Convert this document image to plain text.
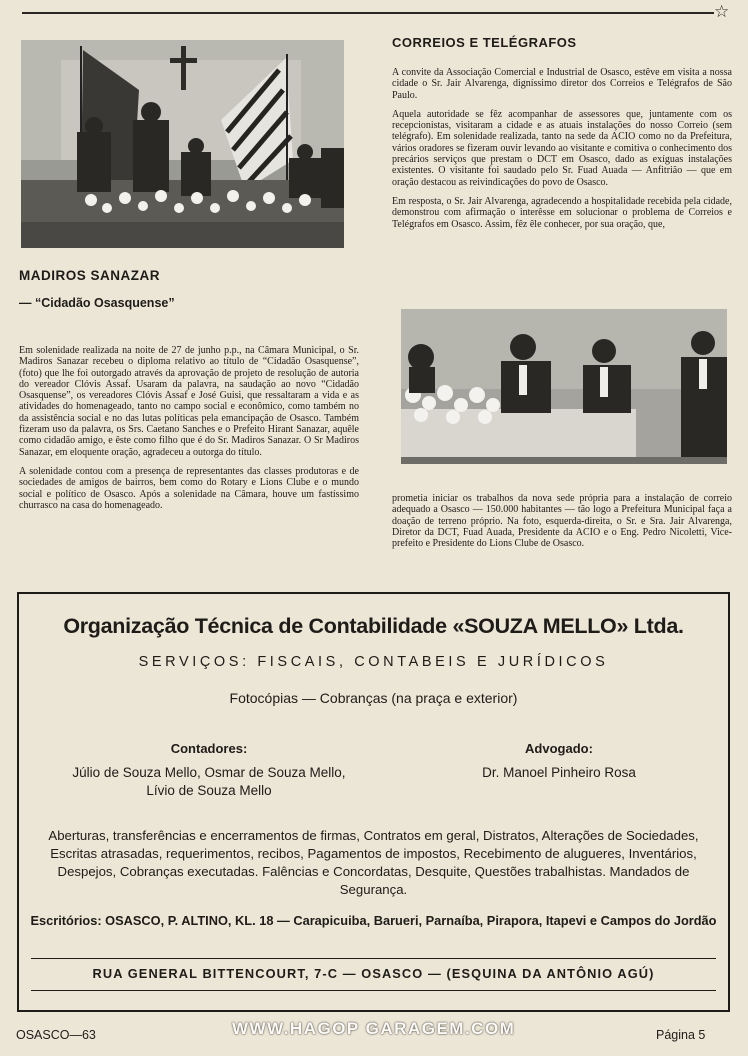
☆
MADIROS SANAZAR
— “Cidadão Osasquense”

Em solenidade realizada na noite de 27 de junho p.p., na Câmara Municipal, o Sr. Madiros Sanazar recebeu o diploma relativo ao título de “Cidadão Osasquense”, (foto) que lhe foi outorgado através da aprovação de projeto de resolução de autoria do vereador Clóvis Assaf. Usaram da palavra, na saudação ao novo “Cidadão Osasquense”, os vereadores Clóvis Assaf e José Guisi, que ressaltaram a vida e as atividades do homenageado, tanto no campo social e econômico, como também no da assistência social e no das lutas políticas pela emancipação de Osasco. Também fizeram uso da palavra, os Srs. Caetano Sanches e o Prefeito Hirant Sanazar, aquêle como cidadão amigo, e êste como filho que é do Sr. Madiros Sanazar. O Sr Madiros Sanazar, em eloquente oração, agradeceu a outorga do título.

A solenidade contou com a presença de representantes das classes produtoras e de sociedades de amigos de bairros, bem como do Rotary e Lions Clube e o mundo social e político de Osasco. Após a solenidade na Câmara, houve um fastíssimo churrasco na casa do homenageado.

CORREIOS E TELÉGRAFOS

A convite da Associação Comercial e Industrial de Osasco, estêve em visita a nossa cidade o Sr. Jair Alvarenga, digníssimo diretor dos Correios e Telégrafos de São Paulo.

Aquela autoridade se fêz acompanhar de assessores que, juntamente com os recepcionistas, visitaram a cidade e as atuais instalações do nosso Correio (sem telégrafo). Em solenidade realizada, tanto na sede da ACIO como no da Prefeitura, vários oradores se fizeram ouvir levando ao visitante e comitiva o conhecimento dos precários serviços que prestam o DCT em Osasco, dado as exíguas instalações existentes. O visitante foi saudado pelo Sr. Fuad Auada — Anfitrião — que em oração destacou as reivindicações do povo de Osasco.

Em resposta, o Sr. Jair Alvarenga, agradecendo a hospitalidade recebida pela cidade, demonstrou com afirmação o interêsse em solucionar o problema de Correios e Telégrafos em Osasco. Assim, fêz êle conhecer, por sua oração, que,

prometia iniciar os trabalhos da nova sede própria para a instalação de correio adequado a Osasco — 150.000 habitantes — tão logo a Prefeitura Municipal faça a doação de terreno próprio. Na foto, esquerda-direita, o Sr. e Sra. Jair Alvarenga, Diretor da DCT, Fuad Auada, Presidente da ACIO e o Eng. Pedro Nicoletti, Vice-prefeito e Presidente do Lions Clube de Osasco.

Organização Técnica de Contabilidade «SOUZA MELLO» Ltda.
SERVIÇOS: FISCAIS, CONTABEIS E JURÍDICOS
Fotocópias — Cobranças (na praça e exterior)
Contadores:
Júlio de Souza Mello, Osmar de Souza Mello,
Lívio de Souza Mello
Advogado:
Dr. Manoel Pinheiro Rosa
Aberturas, transferências e encerramentos de firmas, Contratos em geral, Distratos, Alterações de Sociedades, Escritas atrasadas, requerimentos, recibos, Pagamentos de impostos, Recebimento de alugueres, Inventários, Despejos, Cobranças executadas. Falências e Concordatas, Desquite, Questões trabalhistas. Mandados de Segurança.
Escritórios: OSASCO, P. ALTINO, KL. 18 — Carapicuiba, Barueri, Parnaíba, Pirapora, Itapevi e Campos do Jordão
RUA GENERAL BITTENCOURT, 7-C — OSASCO — (ESQUINA DA ANTÔNIO AGÚ)
OSASCO—63	WWW.HAGOP GARAGEM.COM	Página 5
